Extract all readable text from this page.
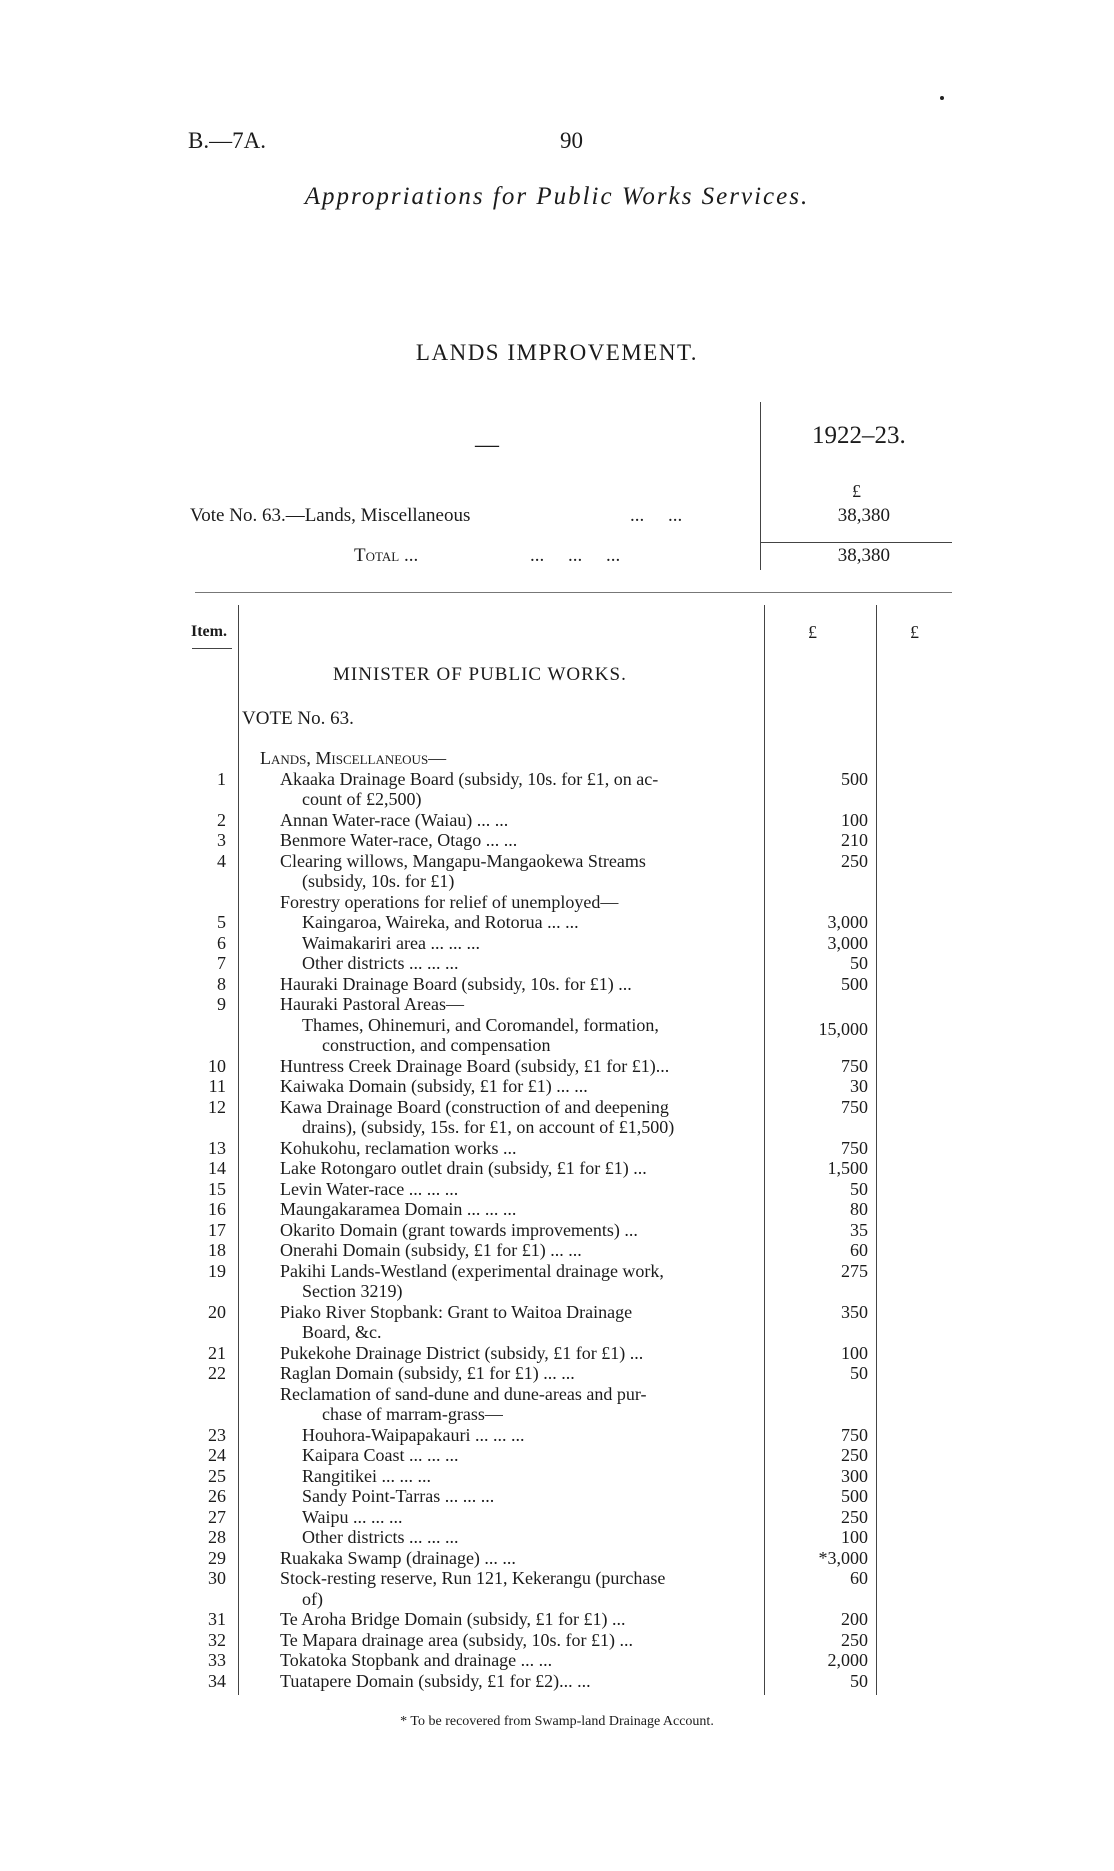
B.—7A.	90
Appropriations for Public Works Services.
LANDS IMPROVEMENT.
—	1922–23.
£
Vote No. 63.—Lands, Miscellaneous	...     ...	38,380
Total ...	...     ...     ...	38,380
Item.	£	£
MINISTER OF PUBLIC WORKS.
VOTE No. 63.
Lands, Miscellaneous—
1	Akaaka Drainage Board (subsidy, 10s. for £1, on ac-	500
count of £2,500)
2	Annan Water-race (Waiau) ... ...	100
3	Benmore Water-race, Otago ... ...	210
4	Clearing willows, Mangapu-Mangaokewa Streams	250
(subsidy, 10s. for £1)
Forestry operations for relief of unemployed—
5	Kaingaroa, Waireka, and Rotorua ... ...	3,000
6	Waimakariri area ... ... ...	3,000
7	Other districts ... ... ...	50
8	Hauraki Drainage Board (subsidy, 10s. for £1) ...	500
9	Hauraki Pastoral Areas—
Thames, Ohinemuri, and Coromandel, formation,	15,000
construction, and compensation
10	Huntress Creek Drainage Board (subsidy, £1 for £1)...	750
11	Kaiwaka Domain (subsidy, £1 for £1) ... ...	30
12	Kawa Drainage Board (construction of and deepening	750
drains), (subsidy, 15s. for £1, on account of £1,500)
13	Kohukohu, reclamation works ...	750
14	Lake Rotongaro outlet drain (subsidy, £1 for £1) ...	1,500
15	Levin Water-race ... ... ...	50
16	Maungakaramea Domain ... ... ...	80
17	Okarito Domain (grant towards improvements) ...	35
18	Onerahi Domain (subsidy, £1 for £1) ... ...	60
19	Pakihi Lands-Westland (experimental drainage work,	275
Section 3219)
20	Piako River Stopbank: Grant to Waitoa Drainage	350
Board, &c.
21	Pukekohe Drainage District (subsidy, £1 for £1) ...	100
22	Raglan Domain (subsidy, £1 for £1) ... ...	50
Reclamation of sand-dune and dune-areas and pur-
chase of marram-grass—
23	Houhora-Waipapakauri ... ... ...	750
24	Kaipara Coast ... ... ...	250
25	Rangitikei ... ... ...	300
26	Sandy Point-Tarras ... ... ...	500
27	Waipu ... ... ...	250
28	Other districts ... ... ...	100
29	Ruakaka Swamp (drainage) ... ...	*3,000
30	Stock-resting reserve, Run 121, Kekerangu (purchase	60
of)
31	Te Aroha Bridge Domain (subsidy, £1 for £1) ...	200
32	Te Mapara drainage area (subsidy, 10s. for £1) ...	250
33	Tokatoka Stopbank and drainage ... ...	2,000
34	Tuatapere Domain (subsidy, £1 for £2)... ...	50
* To be recovered from Swamp-land Drainage Account.
